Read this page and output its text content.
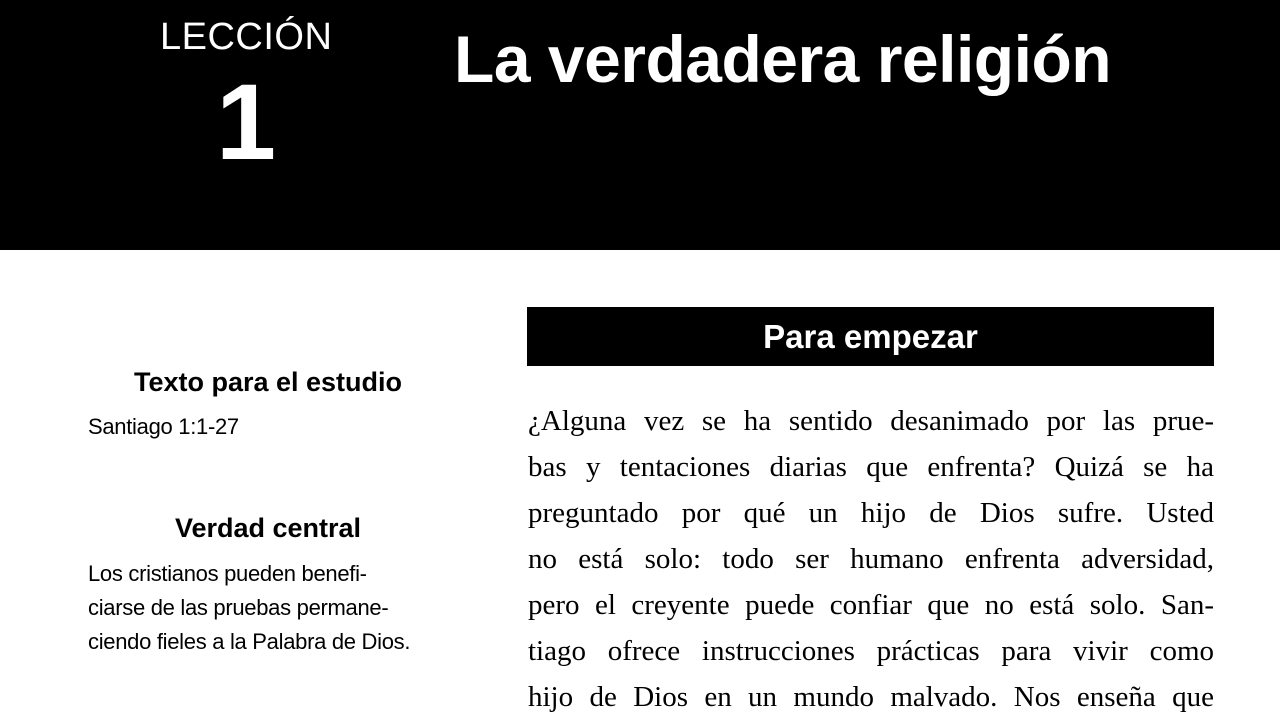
LECCIÓN
1
La verdadera religión
Texto para el estudio
Santiago 1:1-27
Verdad central
Los cristianos pueden benefi-
ciarse de las pruebas permane-
ciendo fieles a la Palabra de Dios.
Para empezar
¿Alguna vez se ha sentido desanimado por las prue-
bas y tentaciones diarias que enfrenta? Quizá se ha
preguntado por qué un hijo de Dios sufre. Usted
no está solo: todo ser humano enfrenta adversidad,
pero el creyente puede confiar que no está solo. San-
tiago ofrece instrucciones prácticas para vivir como
hijo de Dios en un mundo malvado. Nos enseña que
